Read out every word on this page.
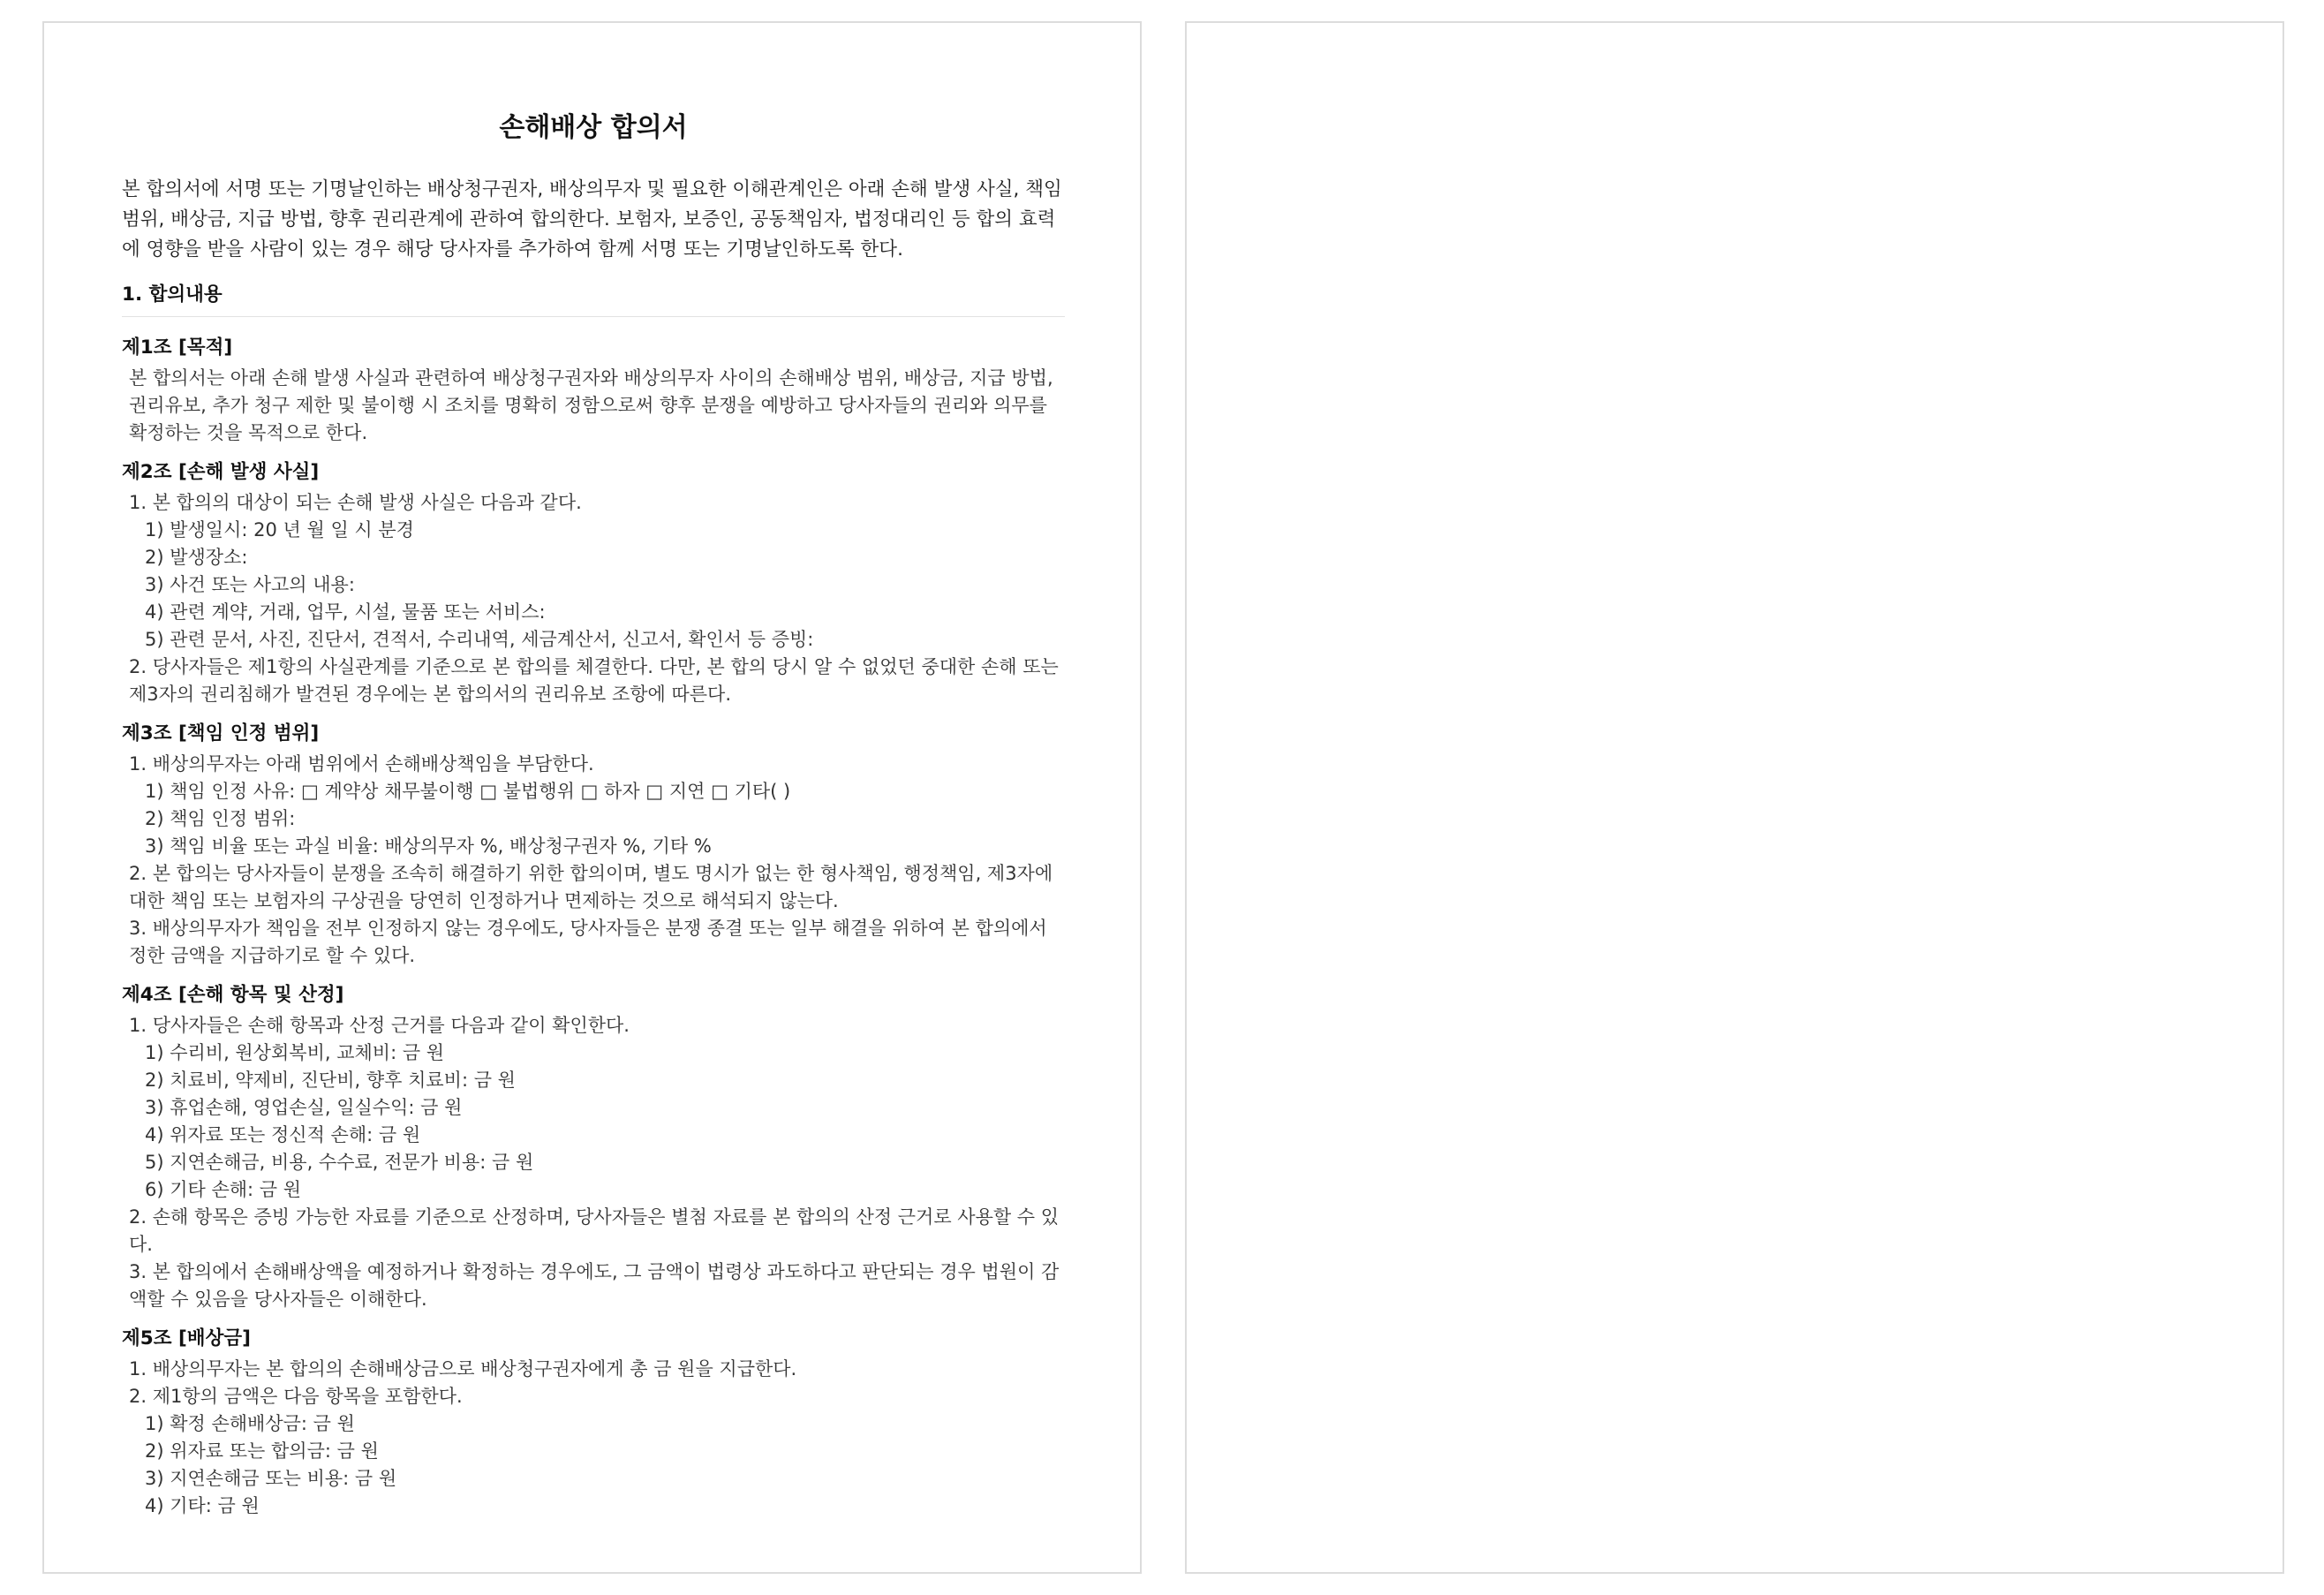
손해배상 합의서

본 합의서에 서명 또는 기명날인하는 배상청구권자, 배상의무자 및 필요한 이해관계인은 아래 손해 발생 사실, 책임 범위, 배상금, 지급 방법, 향후 권리관계에 관하여 합의한다. 보험자, 보증인, 공동책임자, 법정대리인 등 합의 효력에 영향을 받을 사람이 있는 경우 해당 당사자를 추가하여 함께 서명 또는 기명날인하도록 한다.

1. 합의내용
제1조 [목적]

본 합의서는 아래 손해 발생 사실과 관련하여 배상청구권자와 배상의무자 사이의 손해배상 범위, 배상금, 지급 방법, 권리유보, 추가 청구 제한 및 불이행 시 조치를 명확히 정함으로써 향후 분쟁을 예방하고 당사자들의 권리와 의무를 확정하는 것을 목적으로 한다.

제2조 [손해 발생 사실]

1. 본 합의의 대상이 되는 손해 발생 사실은 다음과 같다.

1) 발생일시: 20 년 월 일 시 분경

2) 발생장소:

3) 사건 또는 사고의 내용:

4) 관련 계약, 거래, 업무, 시설, 물품 또는 서비스:

5) 관련 문서, 사진, 진단서, 견적서, 수리내역, 세금계산서, 신고서, 확인서 등 증빙:

2. 당사자들은 제1항의 사실관계를 기준으로 본 합의를 체결한다. 다만, 본 합의 당시 알 수 없었던 중대한 손해 또는 제3자의 권리침해가 발견된 경우에는 본 합의서의 권리유보 조항에 따른다.

제3조 [책임 인정 범위]

1. 배상의무자는 아래 범위에서 손해배상책임을 부담한다.

1) 책임 인정 사유: □ 계약상 채무불이행 □ 불법행위 □ 하자 □ 지연 □ 기타( )

2) 책임 인정 범위:

3) 책임 비율 또는 과실 비율: 배상의무자 %, 배상청구권자 %, 기타 %

2. 본 합의는 당사자들이 분쟁을 조속히 해결하기 위한 합의이며, 별도 명시가 없는 한 형사책임, 행정책임, 제3자에 대한 책임 또는 보험자의 구상권을 당연히 인정하거나 면제하는 것으로 해석되지 않는다.

3. 배상의무자가 책임을 전부 인정하지 않는 경우에도, 당사자들은 분쟁 종결 또는 일부 해결을 위하여 본 합의에서 정한 금액을 지급하기로 할 수 있다.

제4조 [손해 항목 및 산정]

1. 당사자들은 손해 항목과 산정 근거를 다음과 같이 확인한다.

1) 수리비, 원상회복비, 교체비: 금 원

2) 치료비, 약제비, 진단비, 향후 치료비: 금 원

3) 휴업손해, 영업손실, 일실수익: 금 원

4) 위자료 또는 정신적 손해: 금 원

5) 지연손해금, 비용, 수수료, 전문가 비용: 금 원

6) 기타 손해: 금 원

2. 손해 항목은 증빙 가능한 자료를 기준으로 산정하며, 당사자들은 별첨 자료를 본 합의의 산정 근거로 사용할 수 있다.

3. 본 합의에서 손해배상액을 예정하거나 확정하는 경우에도, 그 금액이 법령상 과도하다고 판단되는 경우 법원이 감액할 수 있음을 당사자들은 이해한다.

제5조 [배상금]

1. 배상의무자는 본 합의의 손해배상금으로 배상청구권자에게 총 금 원을 지급한다.

2. 제1항의 금액은 다음 항목을 포함한다.

1) 확정 손해배상금: 금 원

2) 위자료 또는 합의금: 금 원

3) 지연손해금 또는 비용: 금 원

4) 기타: 금 원
